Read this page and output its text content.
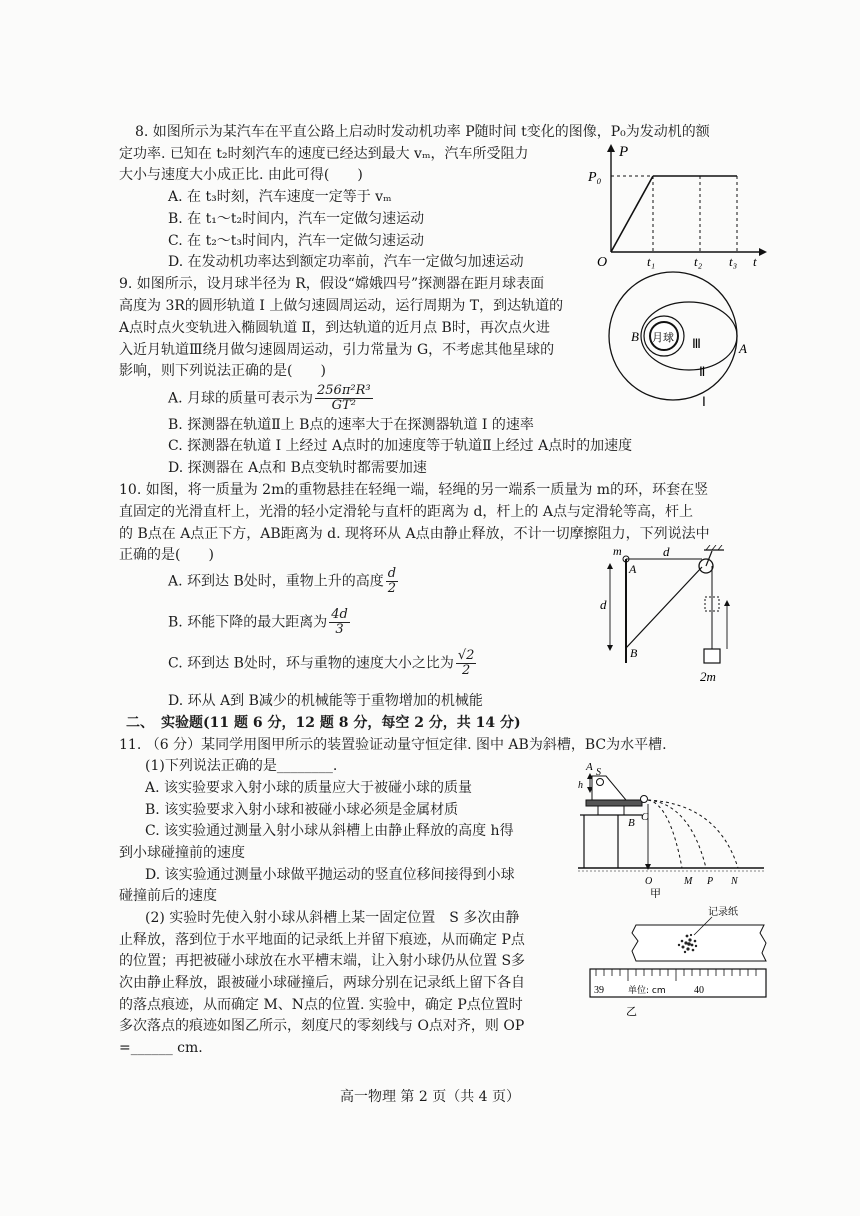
8. 如图所示为某汽车在平直公路上启动时发动机功率 P随时间 t变化的图像，P₀为发动机的额
定功率. 已知在 t₂时刻汽车的速度已经达到最大 vₘ，汽车所受阻力
大小与速度大小成正比. 由此可得(　　)
A. 在 t₃时刻，汽车速度一定等于 vₘ
B. 在 t₁～t₂时间内，汽车一定做匀速运动
C. 在 t₂～t₃时间内，汽车一定做匀速运动
D. 在发动机功率达到额定功率前，汽车一定做匀加速运动
P
P₀
O	t₁	t₂ t₃ t
9. 如图所示，设月球半径为 R，假设“嫦娥四号”探测器在距月球表面
高度为 3R的圆形轨道 Ⅰ 上做匀速圆周运动，运行周期为 T，到达轨道的
A点时点火变轨进入椭圆轨道 Ⅱ，到达轨道的近月点 B时，再次点火进
入近月轨道Ⅲ绕月做匀速圆周运动，引力常量为 G，不考虑其他星球的
影响，则下列说法正确的是(　　)
A. 月球的质量可表示为 $\frac{\text{256π²R³}}{\text{GT²}}$
B. 探测器在轨道Ⅱ上 B点的速率大于在探测器轨道 Ⅰ 的速率
C. 探测器在轨道 Ⅰ 上经过 A点时的加速度等于轨道Ⅱ上经过 A点时的加速度
D. 探测器在 A点和 B点变轨时都需要加速
B 月球 Ⅲ	A
Ⅱ
Ⅰ
10. 如图，将一质量为 2m的重物悬挂在轻绳一端，轻绳的另一端系一质量为 m的环，环套在竖
直固定的光滑直杆上，光滑的轻小定滑轮与直杆的距离为 d，杆上的 A点与定滑轮等高，杆上
的 B点在 A点正下方，AB距离为 d. 现将环从 A点由静止释放，不计一切摩擦阻力，下列说法中
正确的是(　　)
A. 环到达 B处时，重物上升的高度 $\frac{d}{2}$
B. 环能下降的最大距离为 $\frac{4d}{3}$
C. 环到达 B处时，环与重物的速度大小之比为 $\frac{√2}{2}$
D. 环从 A到 B减少的机械能等于重物增加的机械能
m	d
A
d
B
2m
二、　 实验题(11 题 6 分，12 题 8 分，每空 2 分，共 14 分)
11. （6 分）某同学用图甲所示的装置验证动量守恒定律. 图中 AB为斜槽，BC为水平槽.
(1)下列说法正确的是________.
A. 该实验要求入射小球的质量应大于被碰小球的质量
B. 该实验要求入射小球和被碰小球必须是金属材质
C. 该实验通过测量入射小球从斜槽上由静止释放的高度 h得
到小球碰撞前的速度
D. 该实验通过测量小球做平抛运动的竖直位移间接得到小球
碰撞前后的速度
(2) 实验时先使入射小球从斜槽上某一固定位置　S 多次由静
止释放，落到位于水平地面的记录纸上并留下痕迹，从而确定 P点
的位置；再把被碰小球放在水平槽末端，让入射小球仍从位置 S多
次由静止释放，跟被碰小球碰撞后，两球分别在记录纸上留下各自
的落点痕迹，从而确定 M、N点的位置. 实验中，确定 P点位置时
多次落点的痕迹如图乙所示，刻度尺的零刻线与 O点对齐，则 OP
=______ cm.
A S
h
B C
O	M P N
甲
记录纸
39	单位: cm	40
乙
高一物理 第 2 页（共 4 页）
